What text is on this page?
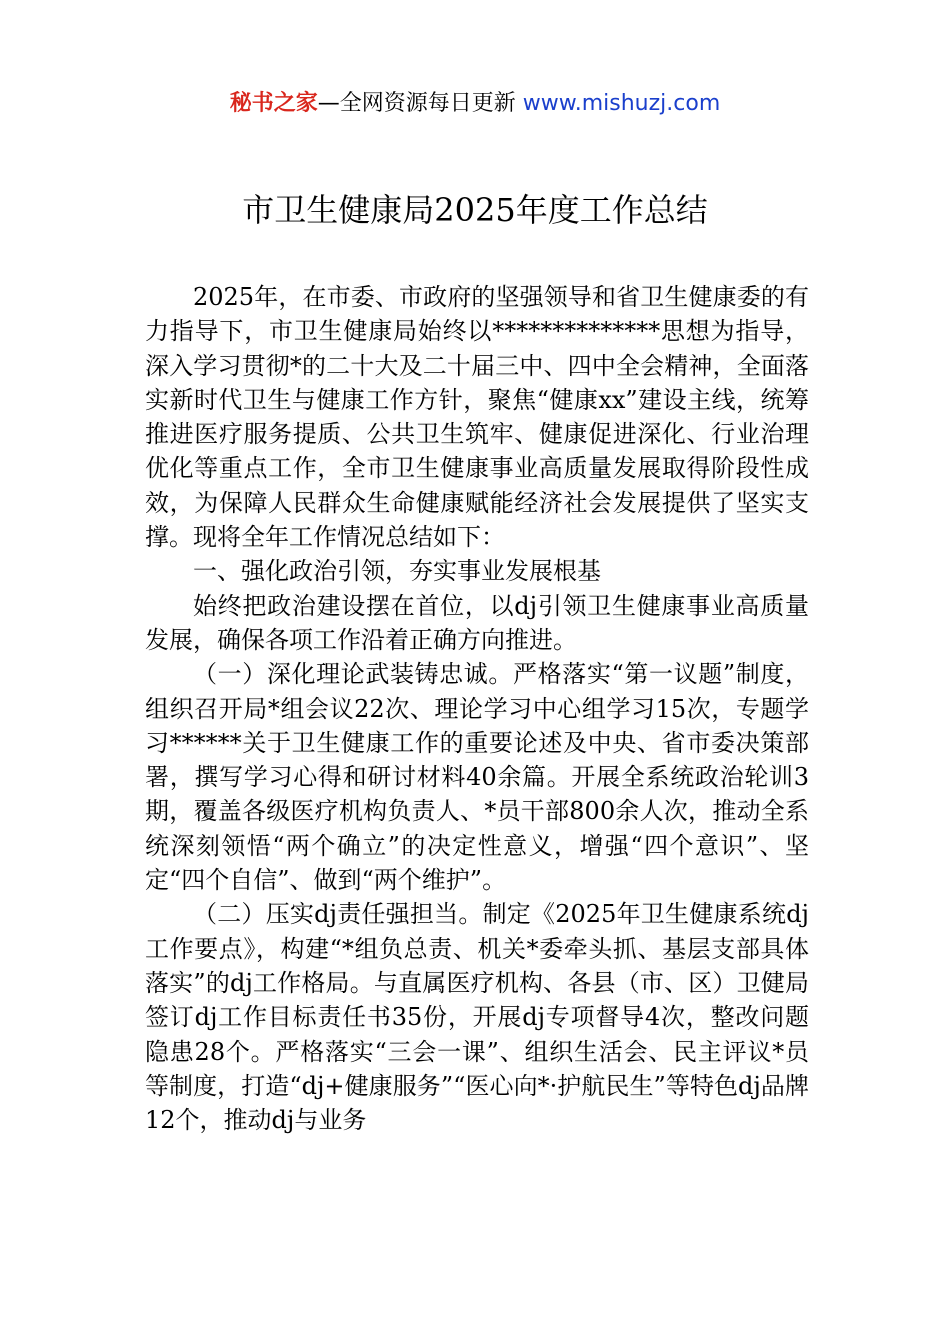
秘书之家—全网资源每日更新 www.mishuzj.com
市卫生健康局2025年度工作总结

2025年，在市委、市政府的坚强领导和省卫生健康委的有力指导下，市卫生健康局始终以**************思想为指导，深入学习贯彻*的二十大及二十届三中、四中全会精神，全面落实新时代卫生与健康工作方针，聚焦“健康xx”建设主线，统筹推进医疗服务提质、公共卫生筑牢、健康促进深化、行业治理优化等重点工作，全市卫生健康事业高质量发展取得阶段性成效，为保障人民群众生命健康赋能经济社会发展提供了坚实支撑。现将全年工作情况总结如下：

一、强化政治引领，夯实事业发展根基

始终把政治建设摆在首位，以dj引领卫生健康事业高质量发展，确保各项工作沿着正确方向推进。

（一）深化理论武装铸忠诚。严格落实“第一议题”制度，组织召开局*组会议22次、理论学习中心组学习15次，专题学习******关于卫生健康工作的重要论述及中央、省市委决策部署，撰写学习心得和研讨材料40余篇。开展全系统政治轮训3期，覆盖各级医疗机构负责人、*员干部800余人次，推动全系统深刻领悟“两个确立”的决定性意义，增强“四个意识”、坚定“四个自信”、做到“两个维护”。

（二）压实dj责任强担当。制定《2025年卫生健康系统dj工作要点》，构建“*组负总责、机关*委牵头抓、基层支部具体落实”的dj工作格局。与直属医疗机构、各县（市、区）卫健局签订dj工作目标责任书35份，开展dj专项督导4次，整改问题隐患28个。严格落实“三会一课”、组织生活会、民主评议*员等制度，打造“dj+健康服务”“医心向*·护航民生”等特色dj品牌12个，推动dj与业务
